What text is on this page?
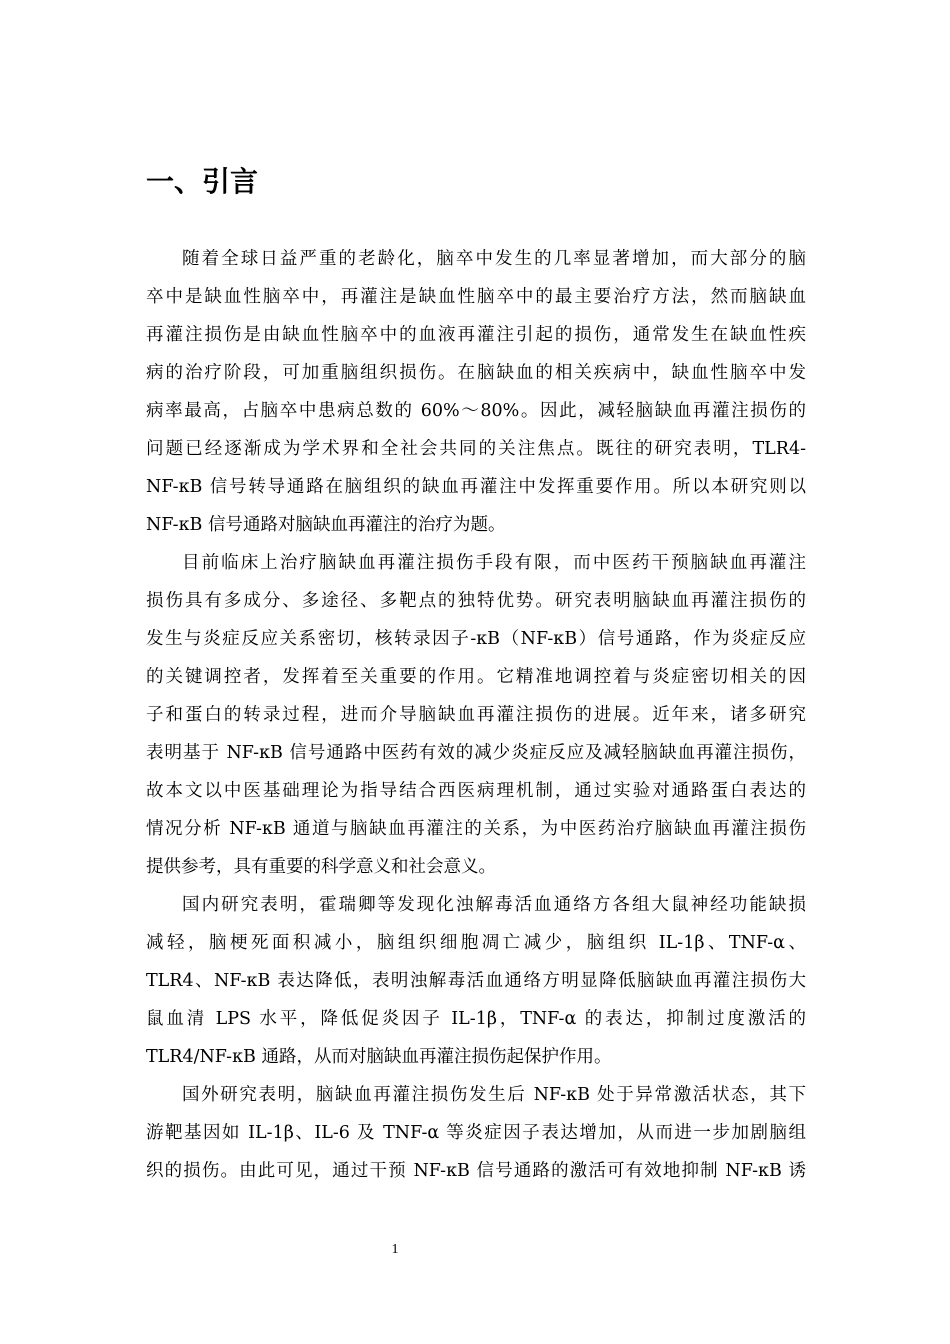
一、引言
随着全球日益严重的老龄化，脑卒中发生的几率显著增加，而大部分的脑
卒中是缺血性脑卒中，再灌注是缺血性脑卒中的最主要治疗方法，然而脑缺血
再灌注损伤是由缺血性脑卒中的血液再灌注引起的损伤，通常发生在缺血性疾
病的治疗阶段，可加重脑组织损伤。在脑缺血的相关疾病中，缺血性脑卒中发
病率最高，占脑卒中患病总数的 60%～80%。因此，减轻脑缺血再灌注损伤的
问题已经逐渐成为学术界和全社会共同的关注焦点。既往的研究表明，TLR4-
NF-κB 信号转导通路在脑组织的缺血再灌注中发挥重要作用。所以本研究则以
NF-κB 信号通路对脑缺血再灌注的治疗为题。
目前临床上治疗脑缺血再灌注损伤手段有限，而中医药干预脑缺血再灌注
损伤具有多成分、多途径、多靶点的独特优势。研究表明脑缺血再灌注损伤的
发生与炎症反应关系密切，核转录因子-κB（NF-κB）信号通路，作为炎症反应
的关键调控者，发挥着至关重要的作用。它精准地调控着与炎症密切相关的因
子和蛋白的转录过程，进而介导脑缺血再灌注损伤的进展。近年来，诸多研究
表明基于 NF-κB 信号通路中医药有效的减少炎症反应及减轻脑缺血再灌注损伤，
故本文以中医基础理论为指导结合西医病理机制，通过实验对通路蛋白表达的
情况分析 NF-κB 通道与脑缺血再灌注的关系，为中医药治疗脑缺血再灌注损伤
提供参考，具有重要的科学意义和社会意义。
国内研究表明，霍瑞卿等发现化浊解毒活血通络方各组大鼠神经功能缺损
减轻，脑梗死面积减小，脑组织细胞凋亡减少，脑组织 IL-1β、TNF-α、
TLR4、NF-κB 表达降低，表明浊解毒活血通络方明显降低脑缺血再灌注损伤大
鼠血清 LPS 水平，降低促炎因子 IL-1β，TNF-α 的表达，抑制过度激活的
TLR4/NF-κB 通路，从而对脑缺血再灌注损伤起保护作用。
国外研究表明，脑缺血再灌注损伤发生后 NF-κB 处于异常激活状态，其下
游靶基因如 IL-1β、IL-6 及 TNF-α 等炎症因子表达增加，从而进一步加剧脑组
织的损伤。由此可见，通过干预 NF-κB 信号通路的激活可有效地抑制 NF-κB 诱
1
